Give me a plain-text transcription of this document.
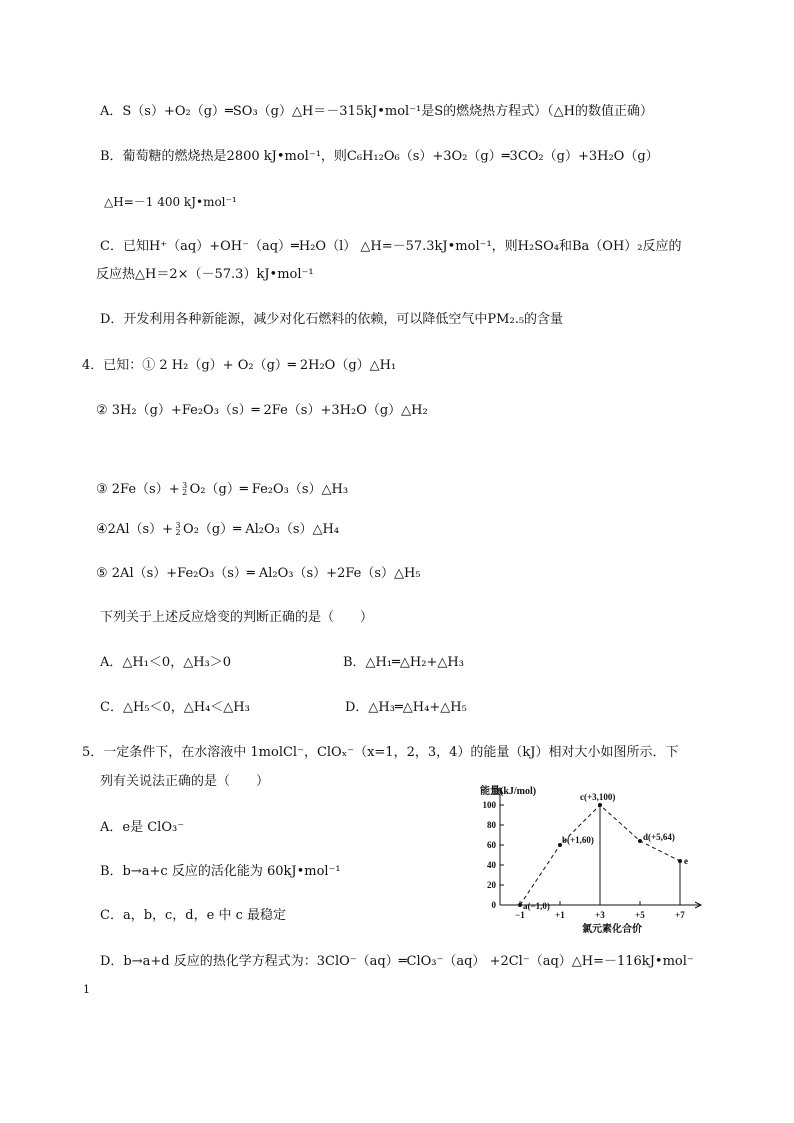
A．S（s）+O₂（g）═SO₃（g）△H＝－315kJ•mol⁻¹是S的燃烧热方程式）（△H的数值正确）
B．葡萄糖的燃烧热是2800 kJ•mol⁻¹，则C₆H₁₂O₆（s）+3O₂（g）═3CO₂（g）+3H₂O（g）
△H=－1 400 kJ•mol⁻¹
C．已知H⁺（aq）+OH⁻（aq）═H₂O（l） △H=－57.3kJ•mol⁻¹，则H₂SO₄和Ba（OH）₂反应的
反应热△H＝2×（－57.3）kJ•mol⁻¹
D．开发利用各种新能源，减少对化石燃料的依赖，可以降低空气中PM₂.₅的含量
4．已知：① 2 H₂（g）+ O₂（g）═ 2H₂O（g）△H₁
② 3H₂（g）+Fe₂O₃（s）═ 2Fe（s）+3H₂O（g）△H₂
③ 2Fe（s）+ 3
2 O₂（g）═ Fe₂O₃（s）△H₃
④2Al（s）+ 3
2 O₂（g）═ Al₂O₃（s）△H₄
⑤ 2Al（s）+Fe₂O₃（s）═ Al₂O₃（s）+2Fe（s）△H₅
下列关于上述反应焓变的判断正确的是（　　）
A．△H₁＜0，△H₃＞0	B．△H₁═△H₂+△H₃
C．△H₅＜0，△H₄＜△H₃	D．△H₃═△H₄+△H₅
5．一定条件下，在水溶液中 1molCl⁻，ClOₓ⁻（x=1，2，3，4）的能量（kJ）相对大小如图所示．下
列有关说法正确的是（　　）
A．e是 ClO₃⁻
B．b→a+c 反应的活化能为 60kJ•mol⁻¹
C．a，b，c，d，e 中 c 最稳定
D．b→a+d 反应的热化学方程式为：3ClO⁻（aq）═ClO₃⁻（aq） +2Cl⁻（aq）△H=－116kJ•mol⁻
1
能量(kJ/mol)
0
20
40
60
80
100
−1	+1	+3	+5	+7
a(−1,0)
b(+1,60)
c(+3,100)
d(+5,64)
e
氯元素化合价
